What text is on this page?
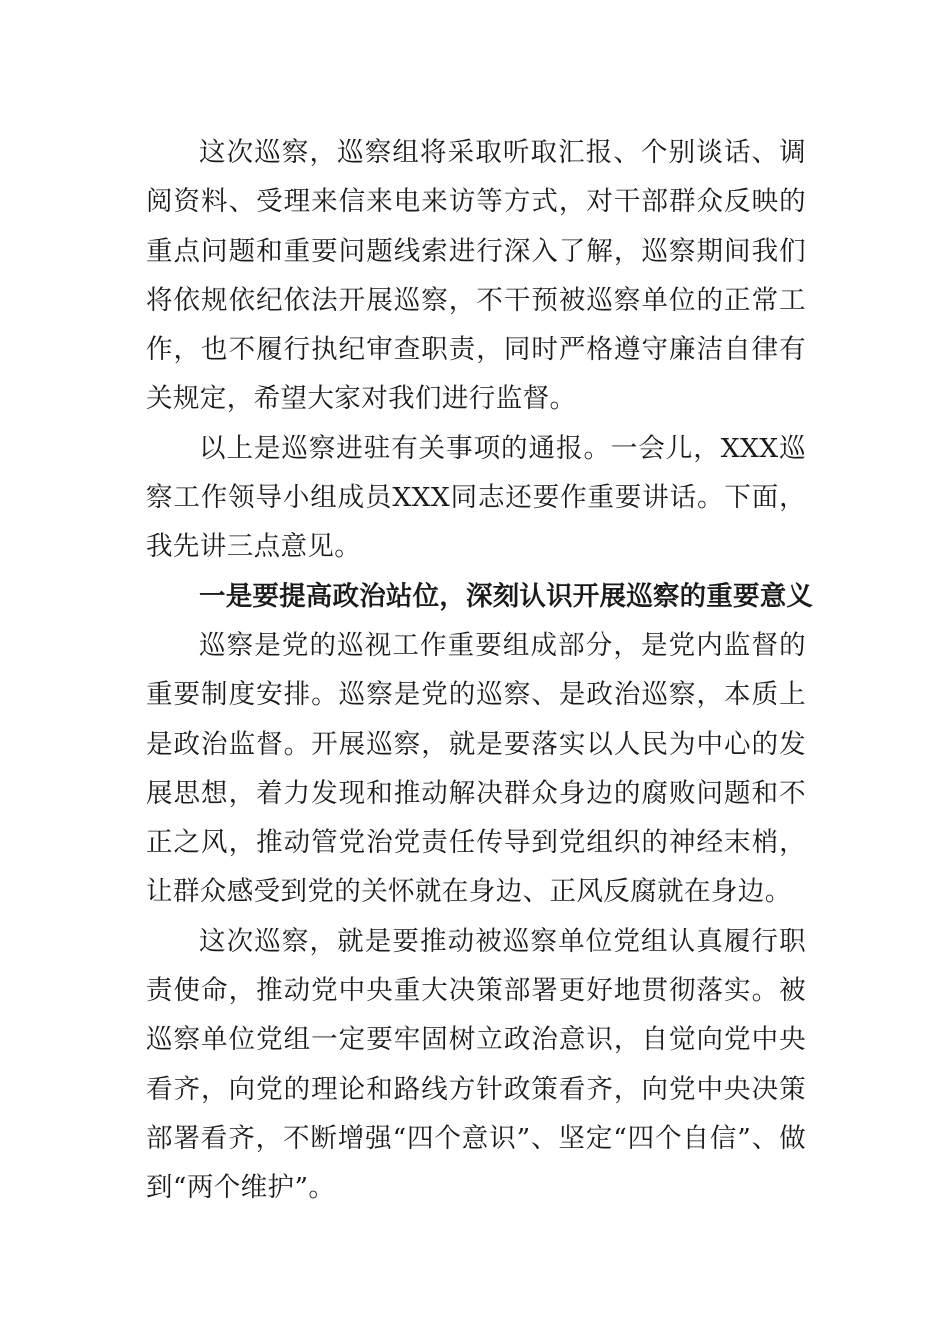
这次巡察，巡察组将采取听取汇报、个别谈话、调阅资料、受理来信来电来访等方式，对干部群众反映的重点问题和重要问题线索进行深入了解，巡察期间我们将依规依纪依法开展巡察，不干预被巡察单位的正常工作，也不履行执纪审查职责，同时严格遵守廉洁自律有关规定，希望大家对我们进行监督。

以上是巡察进驻有关事项的通报。一会儿，XXX巡察工作领导小组成员XXX同志还要作重要讲话。下面，我先讲三点意见。

一是要提高政治站位，深刻认识开展巡察的重要意义

巡察是党的巡视工作重要组成部分，是党内监督的重要制度安排。巡察是党的巡察、是政治巡察，本质上是政治监督。开展巡察，就是要落实以人民为中心的发展思想，着力发现和推动解决群众身边的腐败问题和不正之风，推动管党治党责任传导到党组织的神经末梢，让群众感受到党的关怀就在身边、正风反腐就在身边。

这次巡察，就是要推动被巡察单位党组认真履行职责使命，推动党中央重大决策部署更好地贯彻落实。被巡察单位党组一定要牢固树立政治意识，自觉向党中央看齐，向党的理论和路线方针政策看齐，向党中央决策部署看齐，不断增强“四个意识”、坚定“四个自信”、做到“两个维护”。
